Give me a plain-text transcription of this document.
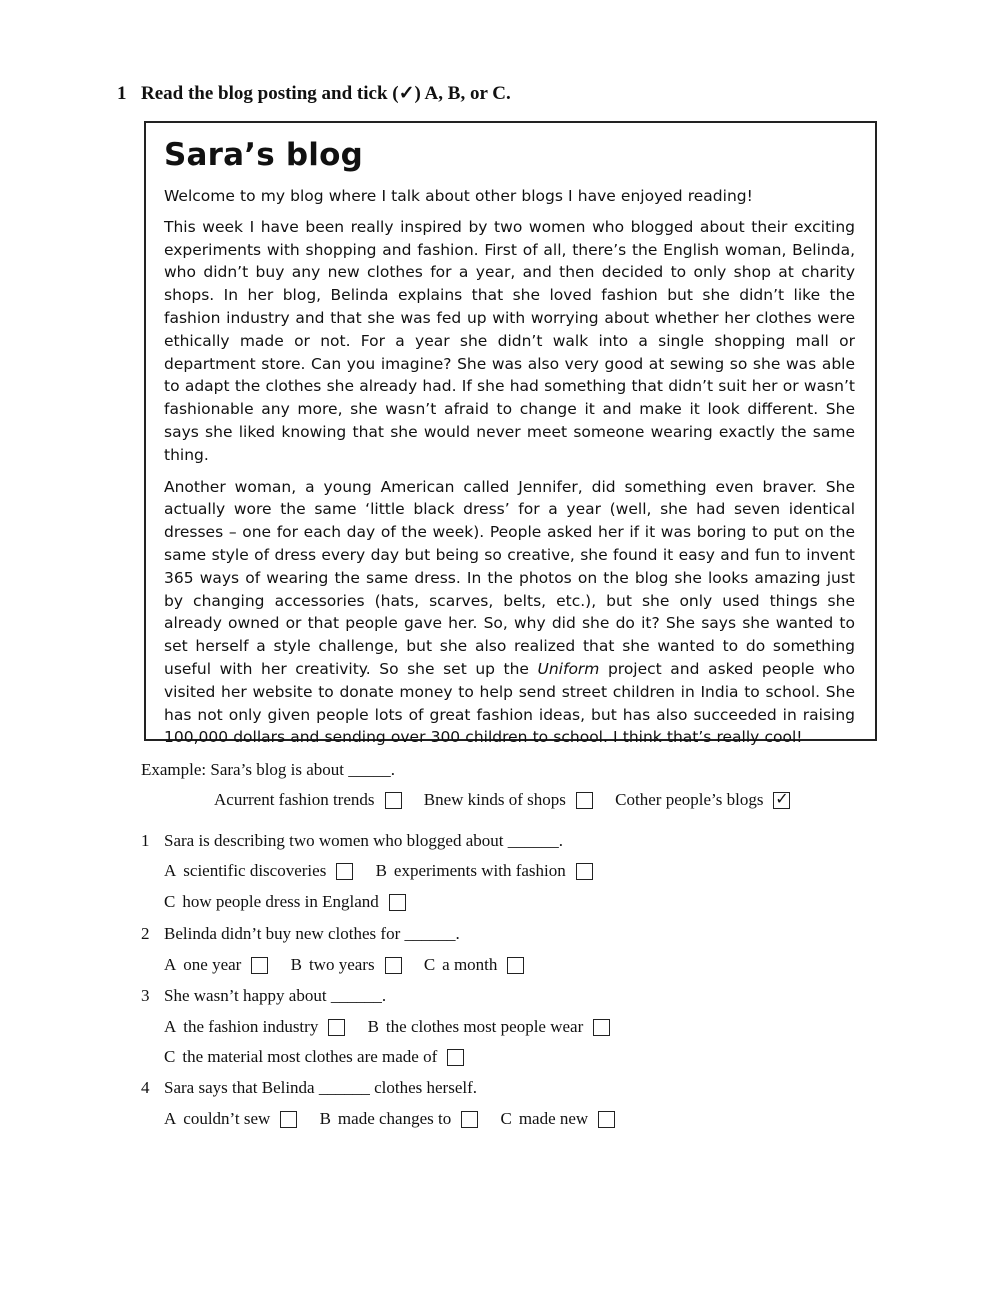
1 Read the blog posting and tick (✓) A, B, or C.
Sara’s blog

Welcome to my blog where I talk about other blogs I have enjoyed reading!

This week I have been really inspired by two women who blogged about their exciting experiments with shopping and fashion. First of all, there’s the English woman, Belinda, who didn’t buy any new clothes for a year, and then decided to only shop at charity shops. In her blog, Belinda explains that she loved fashion but she didn’t like the fashion industry and that she was fed up with worrying about whether her clothes were ethically made or not. For a year she didn’t walk into a single shopping mall or department store. Can you imagine? She was also very good at sewing so she was able to adapt the clothes she already had. If she had something that didn’t suit her or wasn’t fashionable any more, she wasn’t afraid to change it and make it look different. She says she liked knowing that she would never meet someone wearing exactly the same thing.

Another woman, a young American called Jennifer, did something even braver. She actually wore the same ‘little black dress’ for a year (well, she had seven identical dresses – one for each day of the week). People asked her if it was boring to put on the same style of dress every day but being so creative, she found it easy and fun to invent 365 ways of wearing the same dress. In the photos on the blog she looks amazing just by changing accessories (hats, scarves, belts, etc.), but she only used things she already owned or that people gave her. So, why did she do it? She says she wanted to set herself a style challenge, but she also realized that she wanted to do something useful with her creativity. So she set up the Uniform project and asked people who visited her website to donate money to help send street children in India to school. She has not only given people lots of great fashion ideas, but has also succeeded in raising 100,000 dollars and sending over 300 children to school. I think that’s really cool!

Example: Sara’s blog is about _____.
A current fashion trends
	B new kinds of shops
	C other people’s blogs ✓
1 Sara is describing two women who blogged about ______.
A scientific discoveries
	B experiments with fashion
C how people dress in England
2 Belinda didn’t buy new clothes for ______.
A one year
	B two years
	C a month
3 She wasn’t happy about ______.
A the fashion industry
	B the clothes most people wear
C the material most clothes are made of
4 Sara says that Belinda ______ clothes herself.
A couldn’t sew
	B made changes to
	C made new
